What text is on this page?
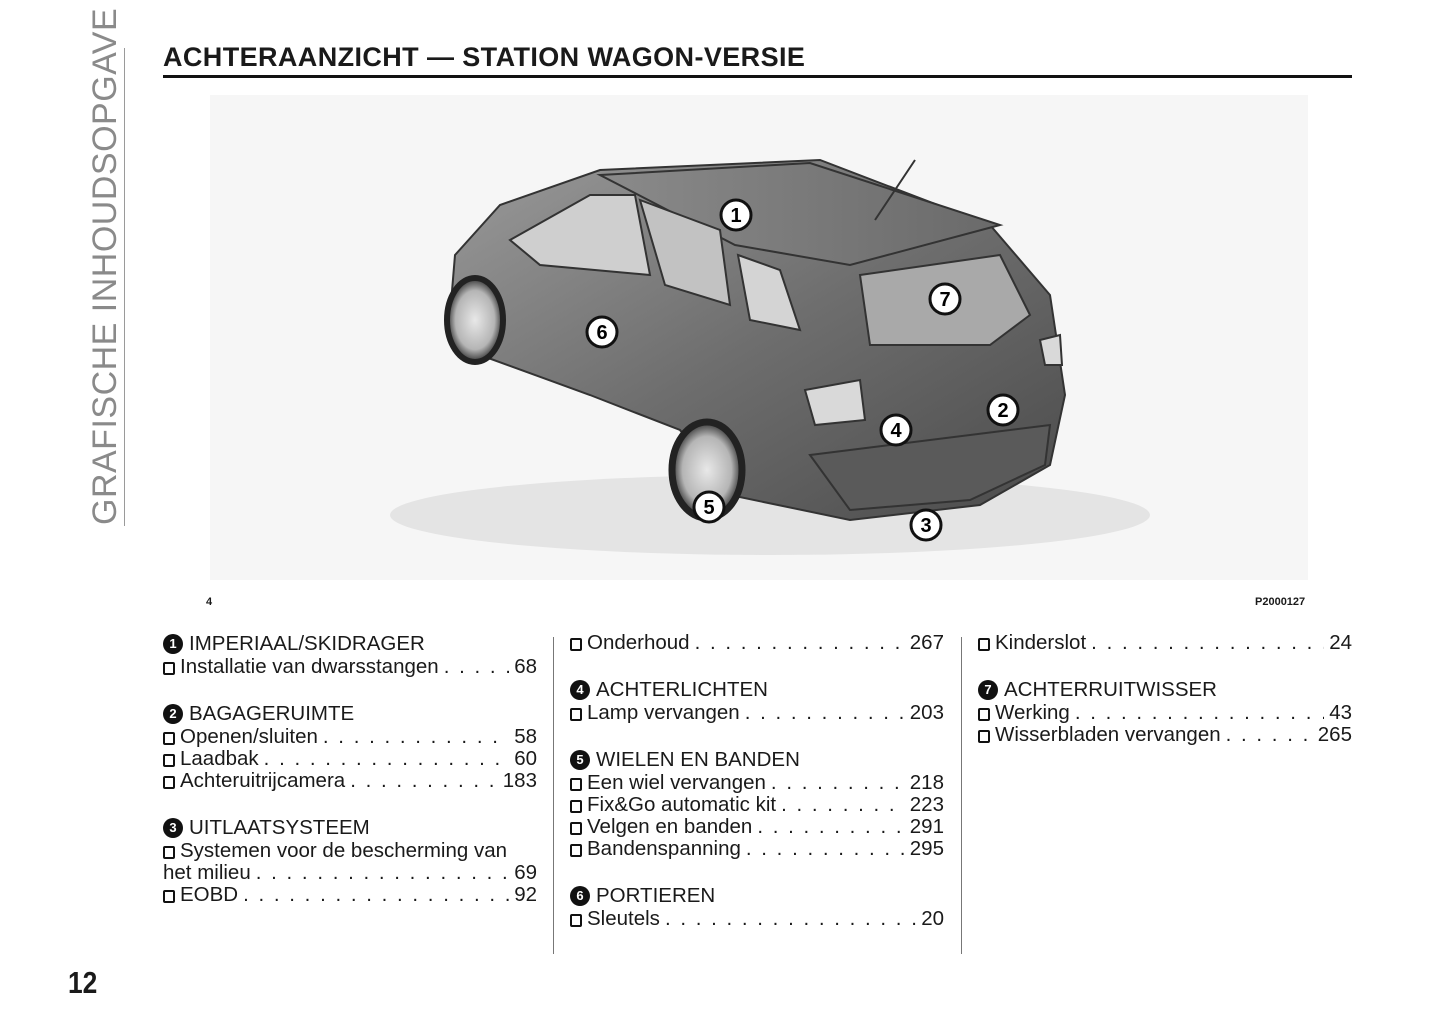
GRAFISCHE INHOUDSOPGAVE
12
ACHTERAANZICHT — STATION WAGON-VERSIE
1
2
3
4
5
6
7
4	P2000127
1 IMPERIAAL/SKIDRAGER
Installatie van dwarsstangen . . .	68
2 BAGAGERUIMTE
Openen/sluiten . . .	58
Laadbak . . .	60
Achteruitrijcamera . . .	183
3 UITLAATSYSTEEM
Systemen voor de bescherming van
het milieu . . .	69
EOBD . . .	92
Onderhoud . . .	267
4 ACHTERLICHTEN
Lamp vervangen . . .	203
5 WIELEN EN BANDEN
Een wiel vervangen . . .	218
Fix&Go automatic kit . . .	223
Velgen en banden . . .	291
Bandenspanning . . .	295
6 PORTIEREN
Sleutels . . .	20
Kinderslot . . .	24
7 ACHTERRUITWISSER
Werking . . .	43
Wisserbladen vervangen . . .	265
